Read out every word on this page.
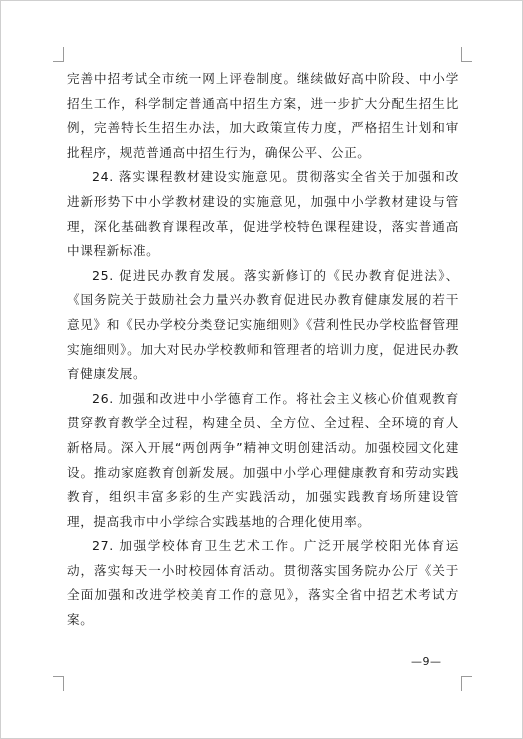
完善中招考试全市统一网上评卷制度。继续做好高中阶段、中小学招生工作，科学制定普通高中招生方案，进一步扩大分配生招生比例，完善特长生招生办法，加大政策宣传力度，严格招生计划和审批程序，规范普通高中招生行为，确保公平、公正。

24. 落实课程教材建设实施意见。贯彻落实全省关于加强和改进新形势下中小学教材建设的实施意见，加强中小学教材建设与管理，深化基础教育课程改革，促进学校特色课程建设，落实普通高中课程新标准。

25. 促进民办教育发展。落实新修订的《民办教育促进法》、《国务院关于鼓励社会力量兴办教育促进民办教育健康发展的若干意见》和《民办学校分类登记实施细则》《营利性民办学校监督管理实施细则》。加大对民办学校教师和管理者的培训力度，促进民办教育健康发展。

26. 加强和改进中小学德育工作。将社会主义核心价值观教育贯穿教育教学全过程，构建全员、全方位、全过程、全环境的育人新格局。深入开展“两创两争”精神文明创建活动。加强校园文化建设。推动家庭教育创新发展。加强中小学心理健康教育和劳动实践教育，组织丰富多彩的生产实践活动，加强实践教育场所建设管理，提高我市中小学综合实践基地的合理化使用率。

27. 加强学校体育卫生艺术工作。广泛开展学校阳光体育运动，落实每天一小时校园体育活动。贯彻落实国务院办公厅《关于全面加强和改进学校美育工作的意见》，落实全省中招艺术考试方案。

—9—
